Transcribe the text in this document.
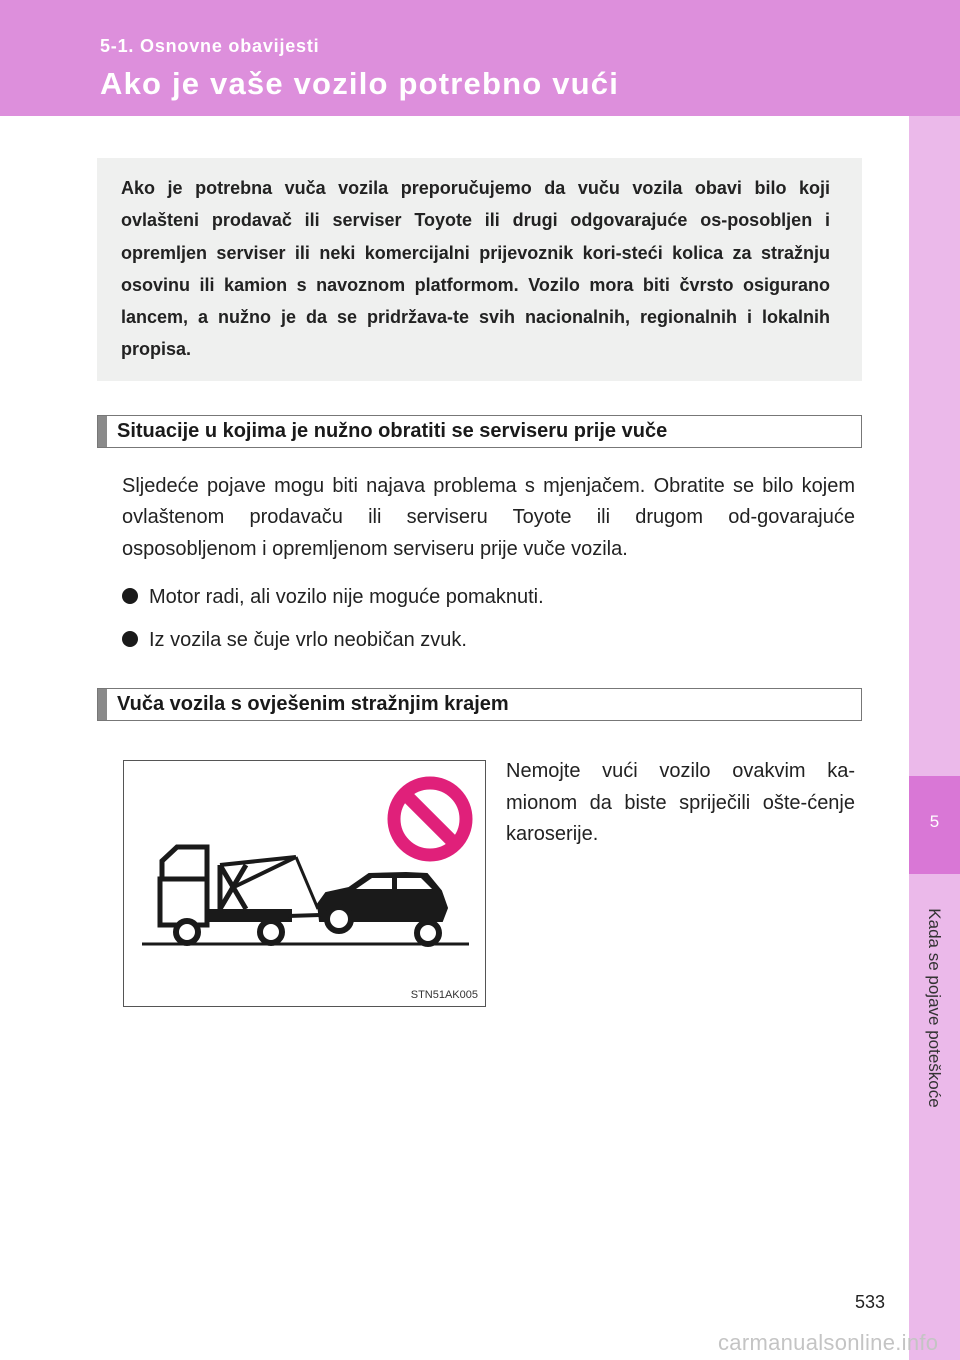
5-1. Osnovne obavijesti
Ako je vaše vozilo potrebno vući
5
Kada se pojave poteškoće

Ako je potrebna vuča vozila preporučujemo da vuču vozila obavi bilo koji ovlašteni prodavač ili serviser Toyote ili drugi odgovarajuće os-posobljen i opremljen serviser ili neki komercijalni prijevoznik kori-steći kolica za stražnju osovinu ili kamion s navoznom platformom. Vozilo mora biti čvrsto osigurano lancem, a nužno je da se pridržava-te svih nacionalnih, regionalnih i lokalnih propisa.

Situacije u kojima je nužno obratiti se serviseru prije vuče

Sljedeće pojave mogu biti najava problema s mjenjačem. Obratite se bilo kojem ovlaštenom prodavaču ili serviseru Toyote ili drugom od-govarajuće osposobljenom i opremljenom serviseru prije vuče vozila.

Motor radi, ali vozilo nije moguće pomaknuti.
Iz vozila se čuje vrlo neobičan zvuk.
Vuča vozila s ovješenim stražnjim krajem
STN51AK005

Nemojte vući vozilo ovakvim ka-mionom da biste spriječili ošte-ćenje karoserije.

533
carmanualsonline.info
